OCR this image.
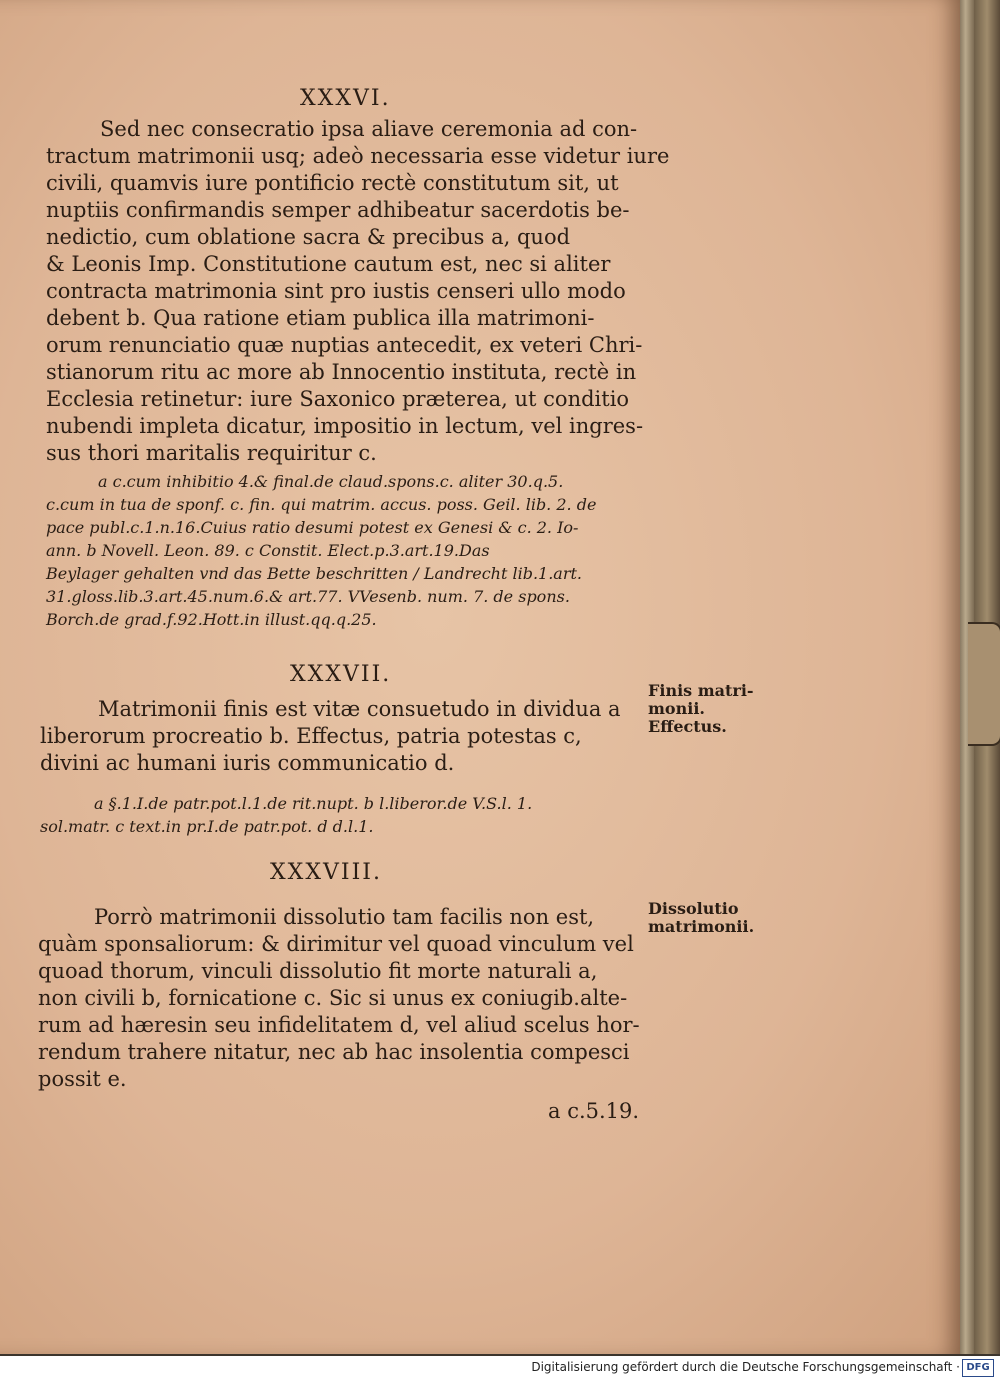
XXXVI.
Sed nec consecratio ipsa aliave ceremonia ad con-
tractum matrimonii usq; adeò necessaria esse videtur iure
civili, quamvis iure pontificio rectè constitutum sit, ut
nuptiis confirmandis semper adhibeatur sacerdotis be-
nedictio, cum oblatione sacra & precibus a, quod
& Leonis Imp. Constitutione cautum est, nec si aliter
contracta matrimonia sint pro iustis censeri ullo modo
debent b. Qua ratione etiam publica illa matrimoni-
orum renunciatio quæ nuptias antecedit, ex veteri Chri-
stianorum ritu ac more ab Innocentio instituta, rectè in
Ecclesia retinetur: iure Saxonico præterea, ut conditio
nubendi impleta dicatur, impositio in lectum, vel ingres-
sus thori maritalis requiritur c.
a c.cum inhibitio 4.& final.de claud.spons.c. aliter 30.q.5.
c.cum in tua de sponf. c. fin. qui matrim. accus. poss. Geil. lib. 2. de
pace publ.c.1.n.16.Cuius ratio desumi potest ex Genesi & c. 2. Io-
ann. b Novell. Leon. 89. c Constit. Elect.p.3.art.19.Das
Beylager gehalten vnd das Bette beschritten / Landrecht lib.1.art.
31.gloss.lib.3.art.45.num.6.& art.77. VVesenb. num. 7. de spons.
Borch.de grad.f.92.Hott.in illust.qq.q.25.
XXXVII.
Matrimonii finis est vitæ consuetudo in dividua a
liberorum procreatio b. Effectus, patria potestas c,
divini ac humani iuris communicatio d.
Finis matri-
monii.
Effectus.
a §.1.I.de patr.pot.l.1.de rit.nupt. b l.liberor.de V.S.l. 1.
sol.matr. c text.in pr.I.de patr.pot. d d.l.1.
XXXVIII.
Porrò matrimonii dissolutio tam facilis non est,
quàm sponsaliorum: & dirimitur vel quoad vinculum vel
quoad thorum, vinculi dissolutio fit morte naturali a,
non civili b, fornicatione c. Sic si unus ex coniugib.alte-
rum ad hæresin seu infidelitatem d, vel aliud scelus hor-
rendum trahere nitatur, nec ab hac insolentia compesci
possit e.
Dissolutio
matrimonii.
a c.5.19.
Digitalisierung gefördert durch die Deutsche Forschungsgemeinschaft · DFG
